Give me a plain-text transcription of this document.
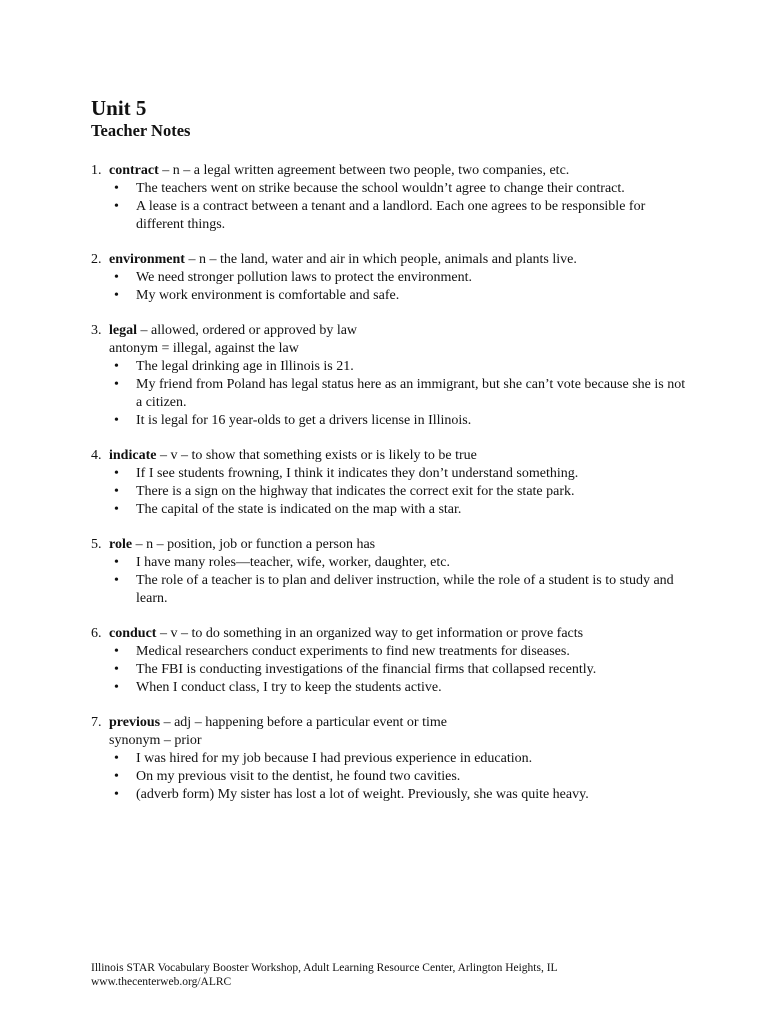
Unit 5
Teacher Notes
1. contract – n – a legal written agreement between two people, two companies, etc.
• The teachers went on strike because the school wouldn’t agree to change their contract.
• A lease is a contract between a tenant and a landlord. Each one agrees to be responsible for different things.
2. environment – n – the land, water and air in which people, animals and plants live.
• We need stronger pollution laws to protect the environment.
• My work environment is comfortable and safe.
3. legal – allowed, ordered or approved by law
antonym = illegal, against the law
• The legal drinking age in Illinois is 21.
• My friend from Poland has legal status here as an immigrant, but she can’t vote because she is not a citizen.
• It is legal for 16 year-olds to get a drivers license in Illinois.
4. indicate – v – to show that something exists or is likely to be true
• If I see students frowning, I think it indicates they don’t understand something.
• There is a sign on the highway that indicates the correct exit for the state park.
• The capital of the state is indicated on the map with a star.
5. role – n – position, job or function a person has
• I have many roles—teacher, wife, worker, daughter, etc.
• The role of a teacher is to plan and deliver instruction, while the role of a student is to study and learn.
6. conduct – v – to do something in an organized way to get information or prove facts
• Medical researchers conduct experiments to find new treatments for diseases.
• The FBI is conducting investigations of the financial firms that collapsed recently.
• When I conduct class, I try to keep the students active.
7. previous – adj – happening before a particular event or time
synonym – prior
• I was hired for my job because I had previous experience in education.
• On my previous visit to the dentist, he found two cavities.
• (adverb form) My sister has lost a lot of weight. Previously, she was quite heavy.
Illinois STAR Vocabulary Booster Workshop, Adult Learning Resource Center, Arlington Heights, IL
www.thecenterweb.org/ALRC
